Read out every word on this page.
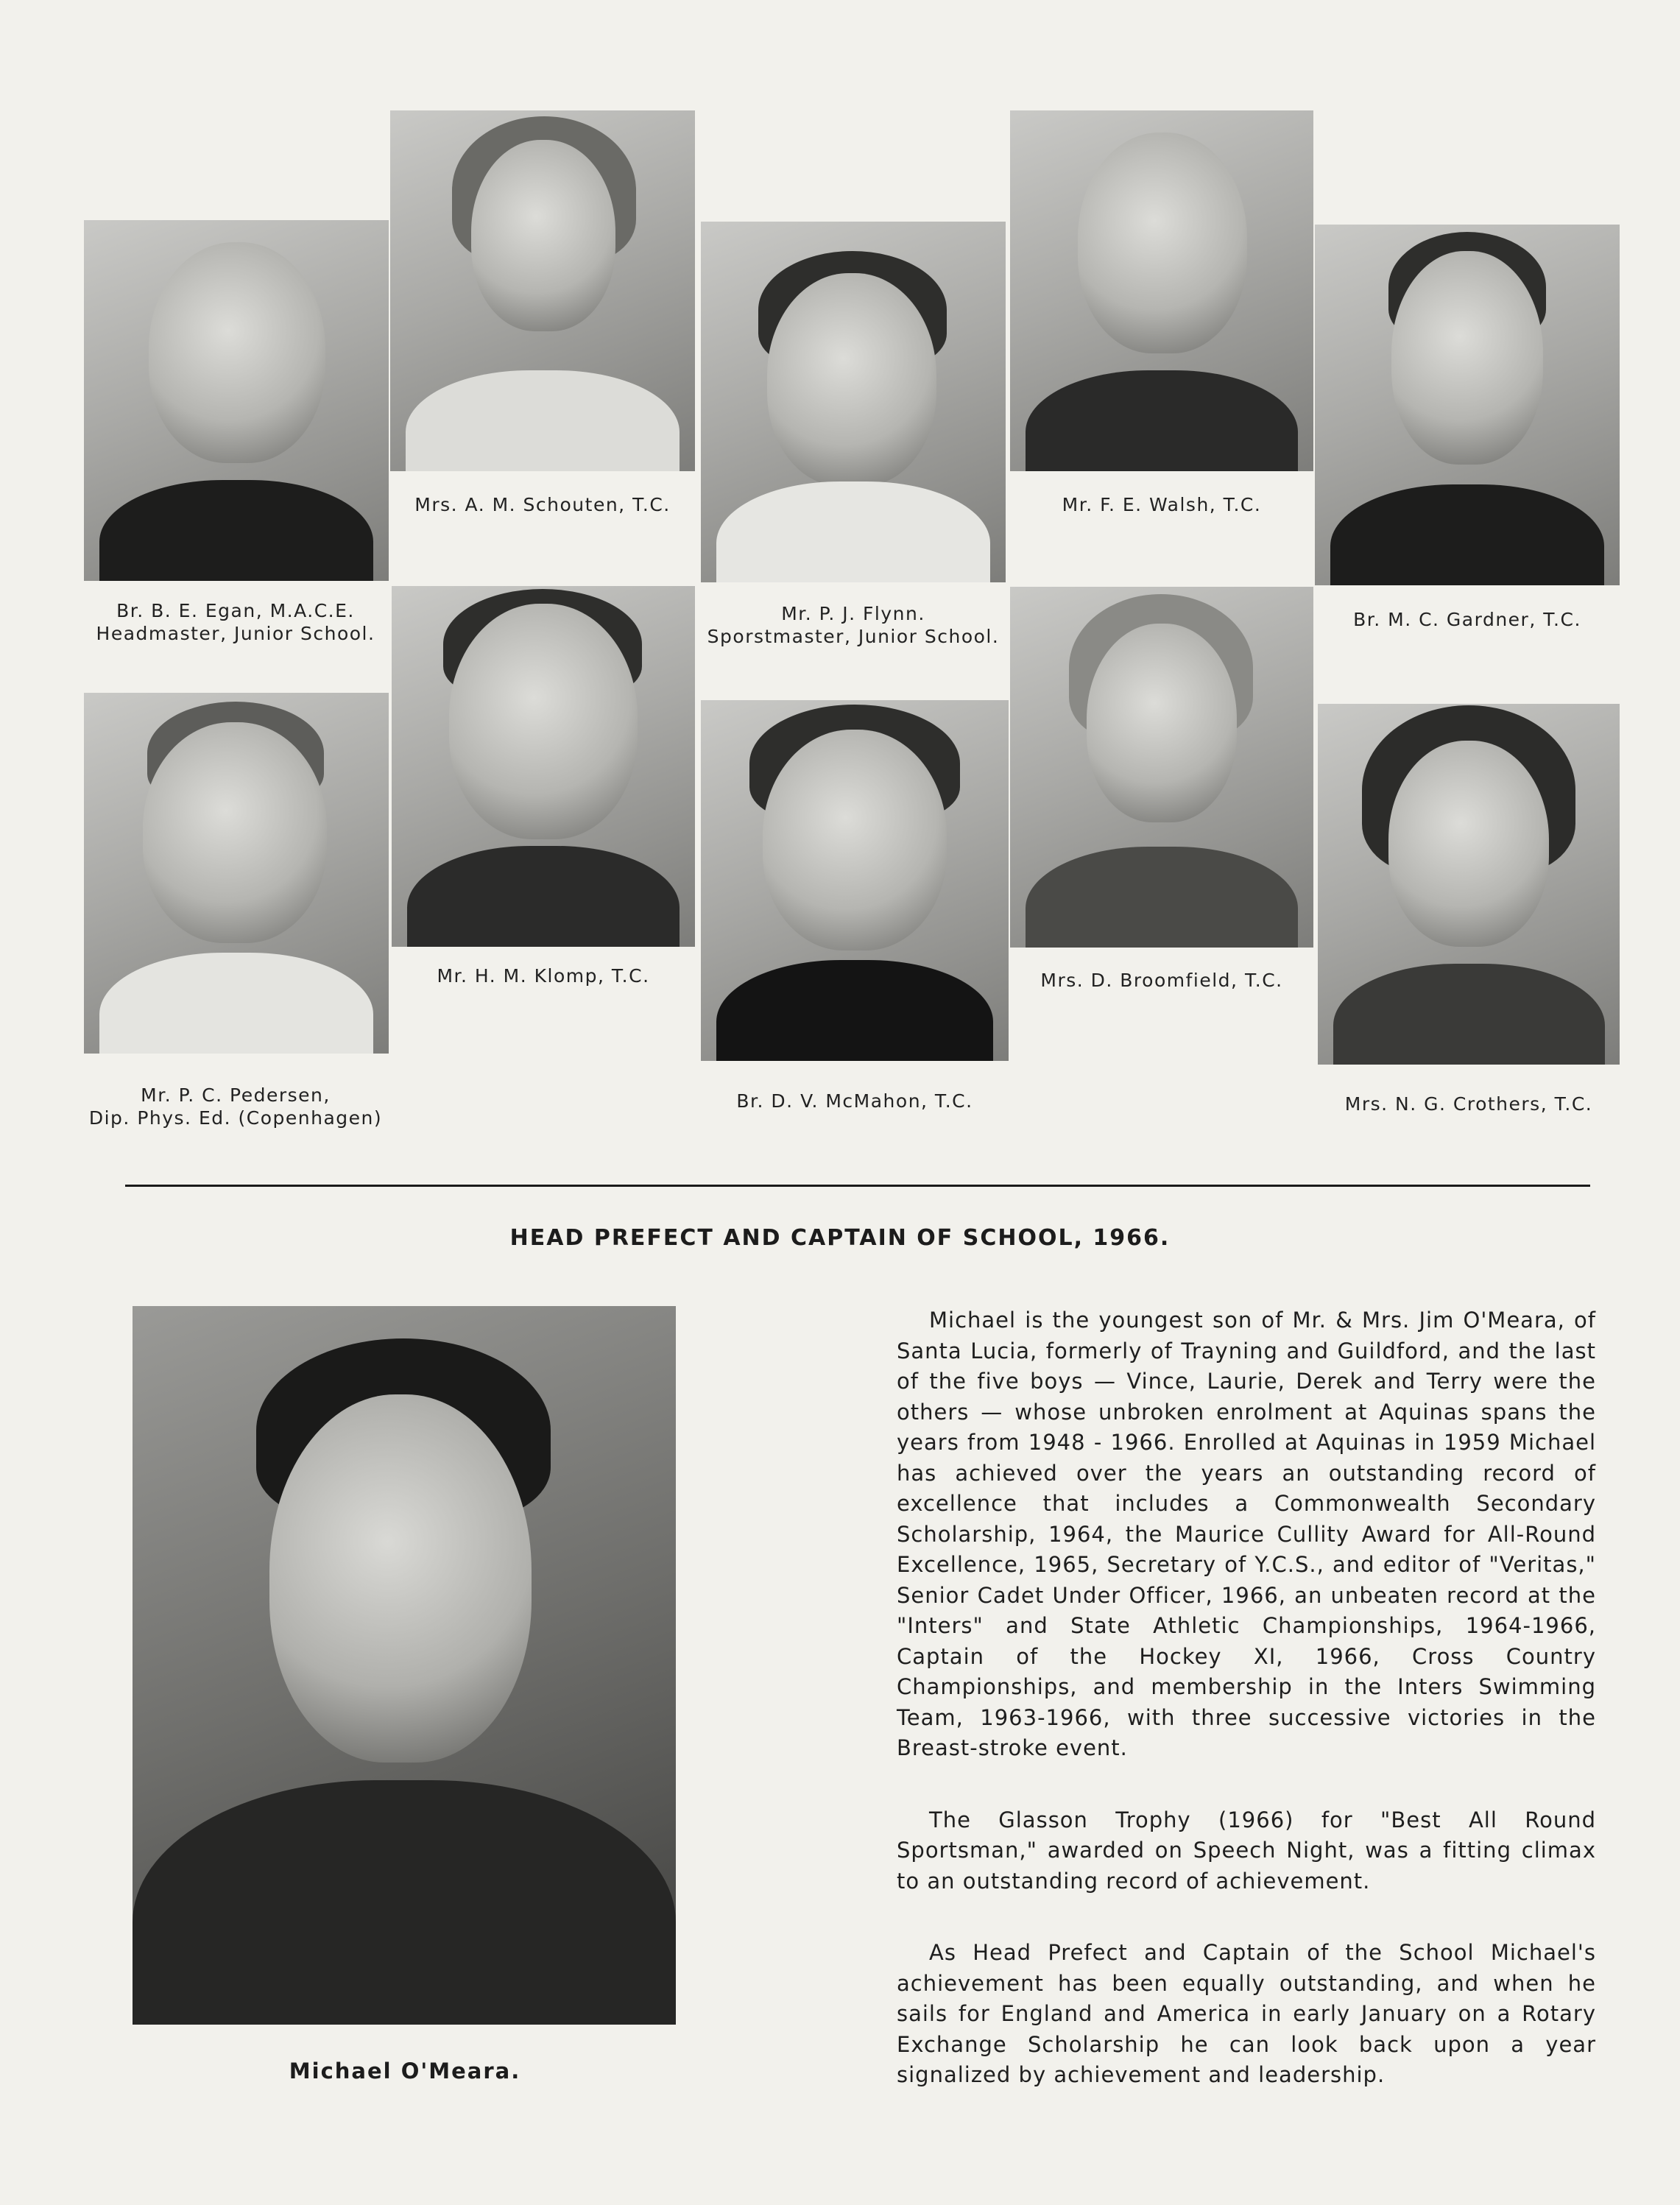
Br. B. E. Egan, M.A.C.E.
Headmaster, Junior School.
Mrs. A. M. Schouten, T.C.
Mr. P. J. Flynn.
Sporstmaster, Junior School.
Mr. F. E. Walsh, T.C.
Br. M. C. Gardner, T.C.
Mr. P. C. Pedersen,
Dip. Phys. Ed. (Copenhagen)
Mr. H. M. Klomp, T.C.
Br. D. V. McMahon, T.C.
Mrs. D. Broomfield, T.C.
Mrs. N. G. Crothers, T.C.
HEAD PREFECT AND CAPTAIN OF SCHOOL, 1966.
Michael O'Meara.

Michael is the youngest son of Mr. & Mrs. Jim O'Meara, of Santa Lucia, formerly of Trayning and Guildford, and the last of the five boys — Vince, Laurie, Derek and Terry were the others — whose unbroken enrolment at Aquinas spans the years from 1948 - 1966. Enrolled at Aquinas in 1959 Michael has achieved over the years an outstanding record of excellence that includes a Commonwealth Secondary Scholarship, 1964, the Maurice Cullity Award for All-Round Excellence, 1965, Secretary of Y.C.S., and editor of "Veritas," Senior Cadet Under Officer, 1966, an unbeaten record at the "Inters" and State Athletic Championships, 1964-1966, Captain of the Hockey XI, 1966, Cross Country Championships, and membership in the Inters Swimming Team, 1963-1966, with three successive victories in the Breast-stroke event.

The Glasson Trophy (1966) for "Best All Round Sportsman," awarded on Speech Night, was a fitting climax to an outstanding record of achievement.

As Head Prefect and Captain of the School Michael's achievement has been equally outstanding, and when he sails for England and America in early January on a Rotary Exchange Scholarship he can look back upon a year signalized by achievement and leadership.
